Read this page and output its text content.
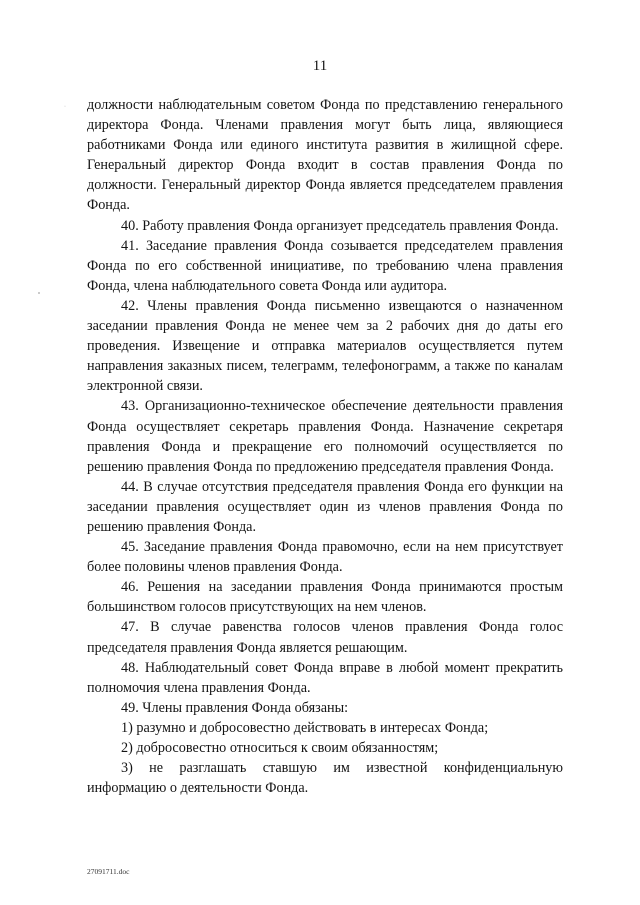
11
· должности наблюдательным советом Фонда по представлению генерального директора Фонда. Членами правления могут быть лица, являющиеся работниками Фонда или единого института развития в жилищной сфере. Генеральный директор Фонда входит в состав правления Фонда по должности. Генеральный директор Фонда является председателем правления Фонда.

40. Работу правления Фонда организует председатель правления Фонда.

41. Заседание правления Фонда созывается председателем правления Фонда по его собственной инициативе, по требованию члена правления Фонда, члена наблюдательного совета Фонда или аудитора.

42. Члены правления Фонда письменно извещаются о назначенном заседании правления Фонда не менее чем за 2 рабочих дня до даты его проведения. Извещение и отправка материалов осуществляется путем направления заказных писем, телеграмм, телефонограмм, а также по каналам электронной связи.

43. Организационно-техническое обеспечение деятельности правления Фонда осуществляет секретарь правления Фонда. Назначение секретаря правления Фонда и прекращение его полномочий осуществляется по решению правления Фонда по предложению председателя правления Фонда.

44. В случае отсутствия председателя правления Фонда его функции на заседании правления осуществляет один из членов правления Фонда по решению правления Фонда.

45. Заседание правления Фонда правомочно, если на нем присутствует более половины членов правления Фонда.

46. Решения на заседании правления Фонда принимаются простым большинством голосов присутствующих на нем членов.

47. В случае равенства голосов членов правления Фонда голос председателя правления Фонда является решающим.

48. Наблюдательный совет Фонда вправе в любой момент прекратить полномочия члена правления Фонда.

49. Члены правления Фонда обязаны:

1) разумно и добросовестно действовать в интересах Фонда;

2) добросовестно относиться к своим обязанностям;

3) не разглашать ставшую им известной конфиденциальную информацию о деятельности Фонда.

27091711.doc
